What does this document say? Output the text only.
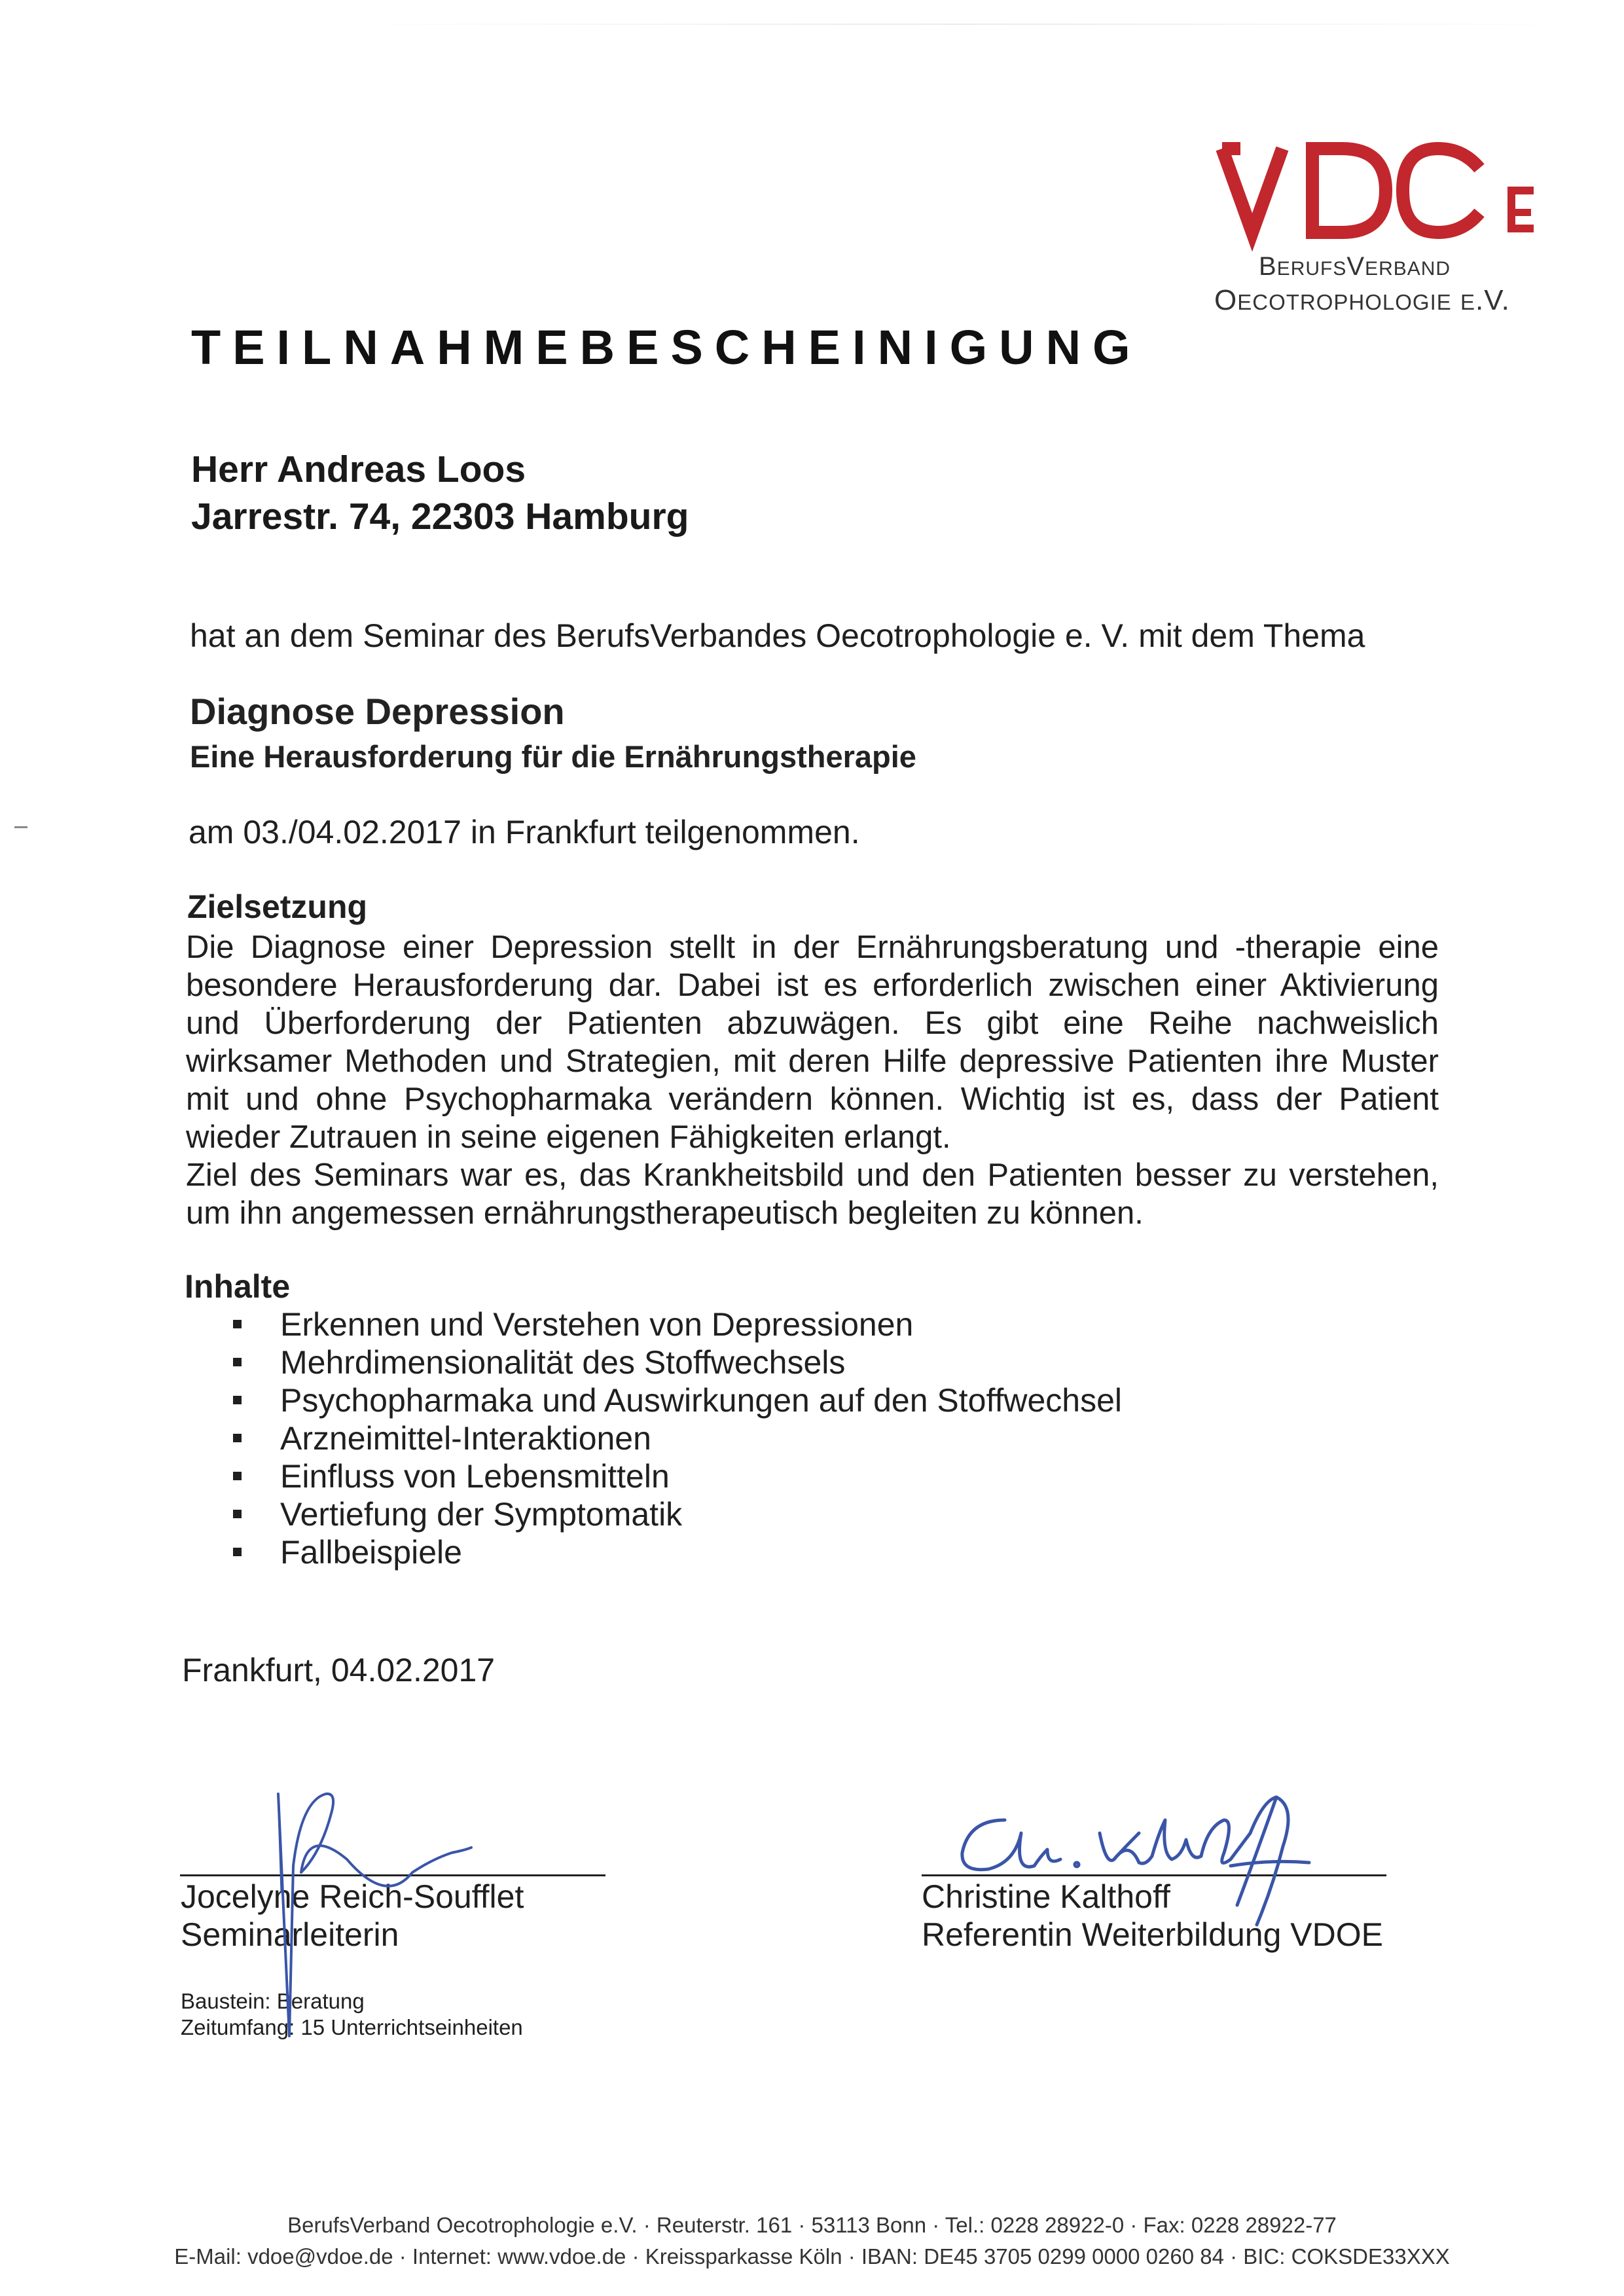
BERUFSVERBAND
OECOTROPHOLOGIE E.V.
TEILNAHMEBESCHEINIGUNG
Herr Andreas Loos
Jarrestr. 74, 22303 Hamburg
hat an dem Seminar des BerufsVerbandes Oecotrophologie e. V. mit dem Thema
Diagnose Depression
Eine Herausforderung für die Ernährungstherapie
am 03./04.02.2017 in Frankfurt teilgenommen.
Zielsetzung

Die Diagnose einer Depression stellt in der Ernährungsberatung und -therapie eine besondere Herausforderung dar. Dabei ist es erforderlich zwischen einer Aktivierung und Überforderung der Patienten abzuwägen. Es gibt eine Reihe nachweislich wirksamer Methoden und Strategien, mit deren Hilfe depressive Patienten ihre Muster mit und ohne Psychopharmaka verändern können. Wichtig ist es, dass der Patient wieder Zutrauen in seine eigenen Fähigkeiten erlangt.

Ziel des Seminars war es, das Krankheitsbild und den Patienten besser zu verstehen, um ihn angemessen ernährungstherapeutisch begleiten zu können.

Inhalte
Erkennen und Verstehen von Depressionen
Mehrdimensionalität des Stoffwechsels
Psychopharmaka und Auswirkungen auf den Stoffwechsel
Arzneimittel-Interaktionen
Einfluss von Lebensmitteln
Vertiefung der Symptomatik
Fallbeispiele
Frankfurt, 04.02.2017
Jocelyne Reich-Soufflet
Seminarleiterin
Christine Kalthoff
Referentin Weiterbildung VDOE
Baustein: Beratung
Zeitumfang: 15 Unterrichtseinheiten
BerufsVerband Oecotrophologie e.V. · Reuterstr. 161 · 53113 Bonn · Tel.: 0228 28922-0 · Fax: 0228 28922-77
E-Mail: vdoe@vdoe.de · Internet: www.vdoe.de · Kreissparkasse Köln · IBAN: DE45 3705 0299 0000 0260 84 · BIC: COKSDE33XXX
